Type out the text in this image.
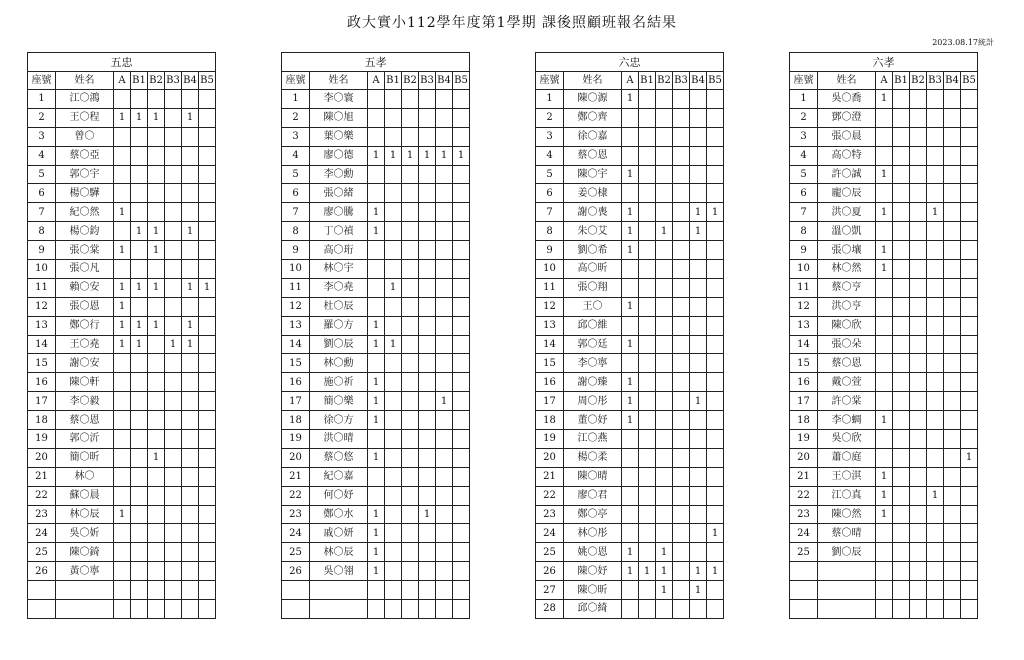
政大實小112學年度第1學期 課後照顧班報名結果
2023.08.17統計
五忠							
座號	姓名	A	B1	B2	B3	B4	B5
1	江〇鴻						
2	王〇程	1	1	1		1	
3	曾〇						
4	蔡〇亞						
5	郭〇宇						
6	楊〇驊						
7	紀〇然	1					
8	楊〇鈞		1	1		1	
9	張〇棠	1		1			
10	張〇凡						
11	賴〇安	1	1	1		1	1
12	張〇恩	1					
13	鄭〇行	1	1	1		1	
14	王〇堯	1	1		1	1	
15	謝〇安						
16	陳〇軒						
17	李〇毅						
18	蔡〇恩						
19	郭〇沂						
20	簡〇昕			1			
21	林〇						
22	蘇〇晨						
23	林〇辰	1					
24	吳〇妡						
25	陳〇錡						
26	黃〇寧						

五孝							
座號	姓名	A	B1	B2	B3	B4	B5
1	李〇寰						
2	陳〇旭						
3	葉〇樂						
4	廖〇德	1	1	1	1	1	1
5	李〇勳						
6	張〇緒						
7	廖〇騰	1					
8	丁〇禎	1					
9	高〇珩						
10	林〇宇						
11	李〇堯		1				
12	杜〇辰						
13	羅〇方	1					
14	劉〇辰	1	1				
15	林〇勳						
16	施〇祈	1					
17	簡〇樂	1				1	
18	徐〇方	1					
19	洪〇晴						
20	蔡〇悠	1					
21	紀〇嘉						
22	何〇妤						
23	鄭〇水	1			1		
24	戚〇妍	1					
25	林〇辰	1					
26	吳〇翎	1					

六忠							
座號	姓名	A	B1	B2	B3	B4	B5
1	陳〇源	1					
2	鄭〇齊						
3	徐〇嘉						
4	蔡〇恩						
5	陳〇宇	1					
6	姜〇棣						
7	謝〇喪	1				1	1
8	朱〇艾	1		1		1	
9	劉〇希	1					
10	高〇昕						
11	張〇翔						
12	王〇	1					
13	邱〇維						
14	郭〇廷	1					
15	李〇寧						
16	謝〇臻	1					
17	周〇彤	1				1	
18	董〇妤	1					
19	江〇燕						
20	楊〇柔						
21	陳〇晴						
22	廖〇君						
23	鄭〇亭						
24	林〇彤						1
25	姚〇恩	1		1			
26	陳〇妤	1	1	1		1	1
27	陳〇昕			1		1	
28	邱〇綺						
六孝							
座號	姓名	A	B1	B2	B3	B4	B5
1	吳〇喬	1					
2	鄧〇澄						
3	張〇晨						
4	高〇特						
5	許〇誠	1					
6	龐〇辰						
7	洪〇夏	1			1		
8	溫〇凱						
9	張〇壤	1					
10	林〇然	1					
11	蔡〇亨						
12	洪〇亨						
13	陳〇欣						
14	張〇朵						
15	蔡〇恩						
16	戴〇萱						
17	許〇棠						
18	李〇蜩	1					
19	吳〇欣						
20	蕭〇庭						1
21	王〇淇	1					
22	江〇真	1			1		
23	陳〇然	1					
24	蔡〇晴						
25	劉〇辰						
